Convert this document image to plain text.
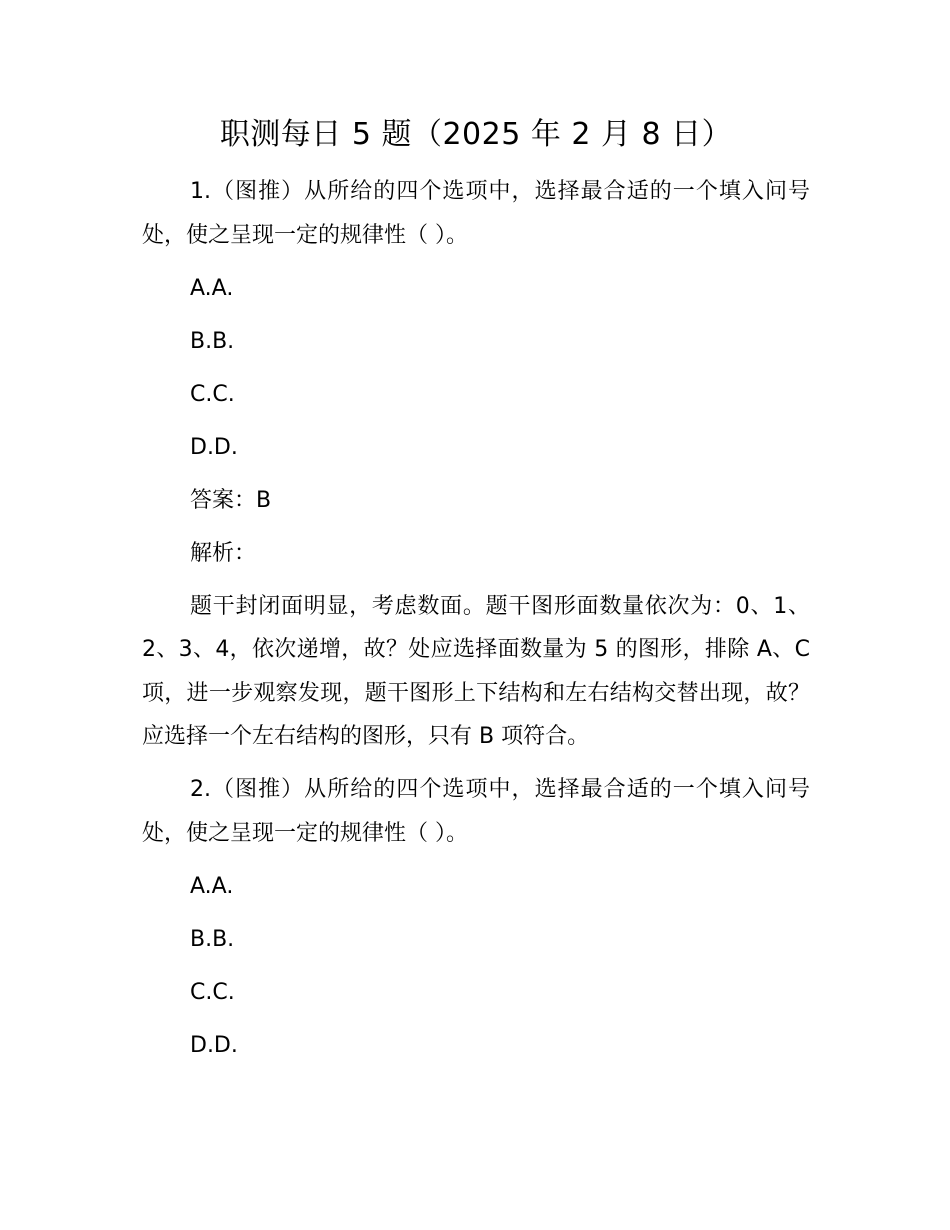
职测每日 5 题（2025 年 2 月 8 日）

1.（图推）从所给的四个选项中，选择最合适的一个填入问号处，使之呈现一定的规律性（ ）。

A.A.

B.B.

C.C.

D.D.

答案：B

解析：

题干封闭面明显，考虑数面。题干图形面数量依次为：0、1、2、3、4，依次递增，故？处应选择面数量为 5 的图形，排除 A、C 项，进一步观察发现，题干图形上下结构和左右结构交替出现，故？应选择一个左右结构的图形，只有 B 项符合。

2.（图推）从所给的四个选项中，选择最合适的一个填入问号处，使之呈现一定的规律性（ ）。

A.A.

B.B.

C.C.

D.D.
